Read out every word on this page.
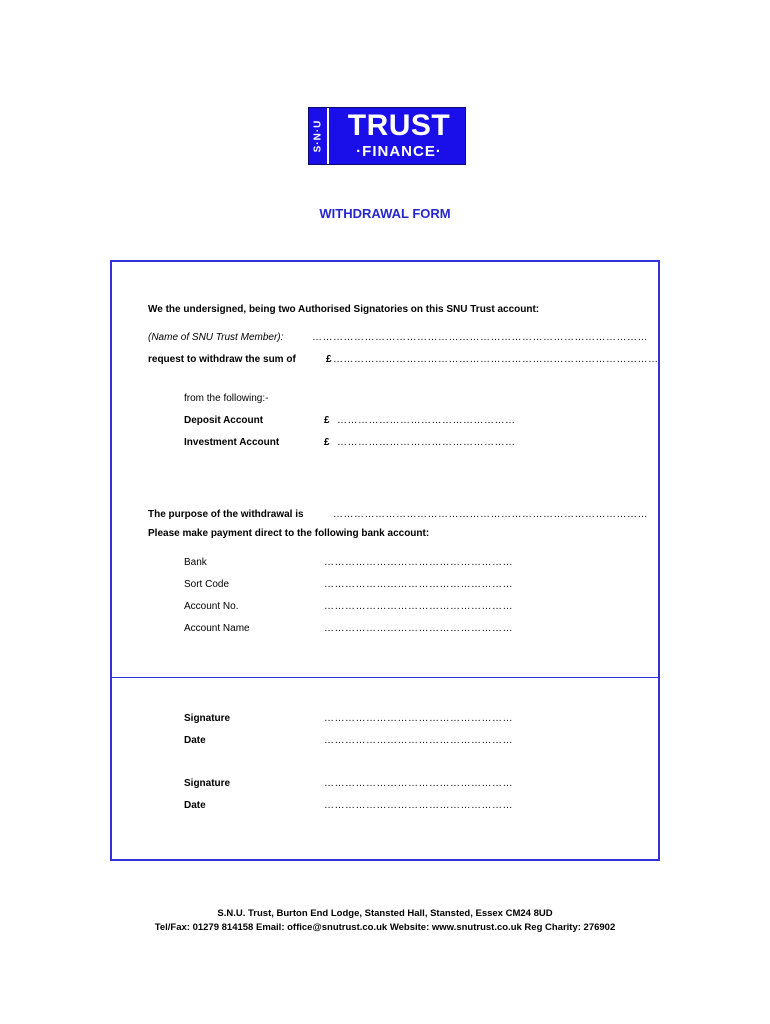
S·N·U TRUST
·FINANCE·
WITHDRAWAL FORM
We the undersigned, being two Authorised Signatories on this SNU Trust account:
(Name of SNU Trust Member):	……………………………………………………………………………………
request to withdraw the sum of	£ …………………………………………………………………………………
from the following:-
Deposit Account	£ ……………………………………………
Investment Account	£ ……………………………………………
The purpose of the withdrawal is	………………………………………………………………………………
Please make payment direct to the following bank account:
Bank	………………………………………………
Sort Code	………………………………………………
Account No.	………………………………………………
Account Name	………………………………………………
Signature	………………………………………………
Date	………………………………………………
Signature	………………………………………………
Date	………………………………………………
S.N.U. Trust, Burton End Lodge, Stansted Hall, Stansted, Essex CM24 8UD
Tel/Fax: 01279 814158 Email: office@snutrust.co.uk Website: www.snutrust.co.uk Reg Charity: 276902
